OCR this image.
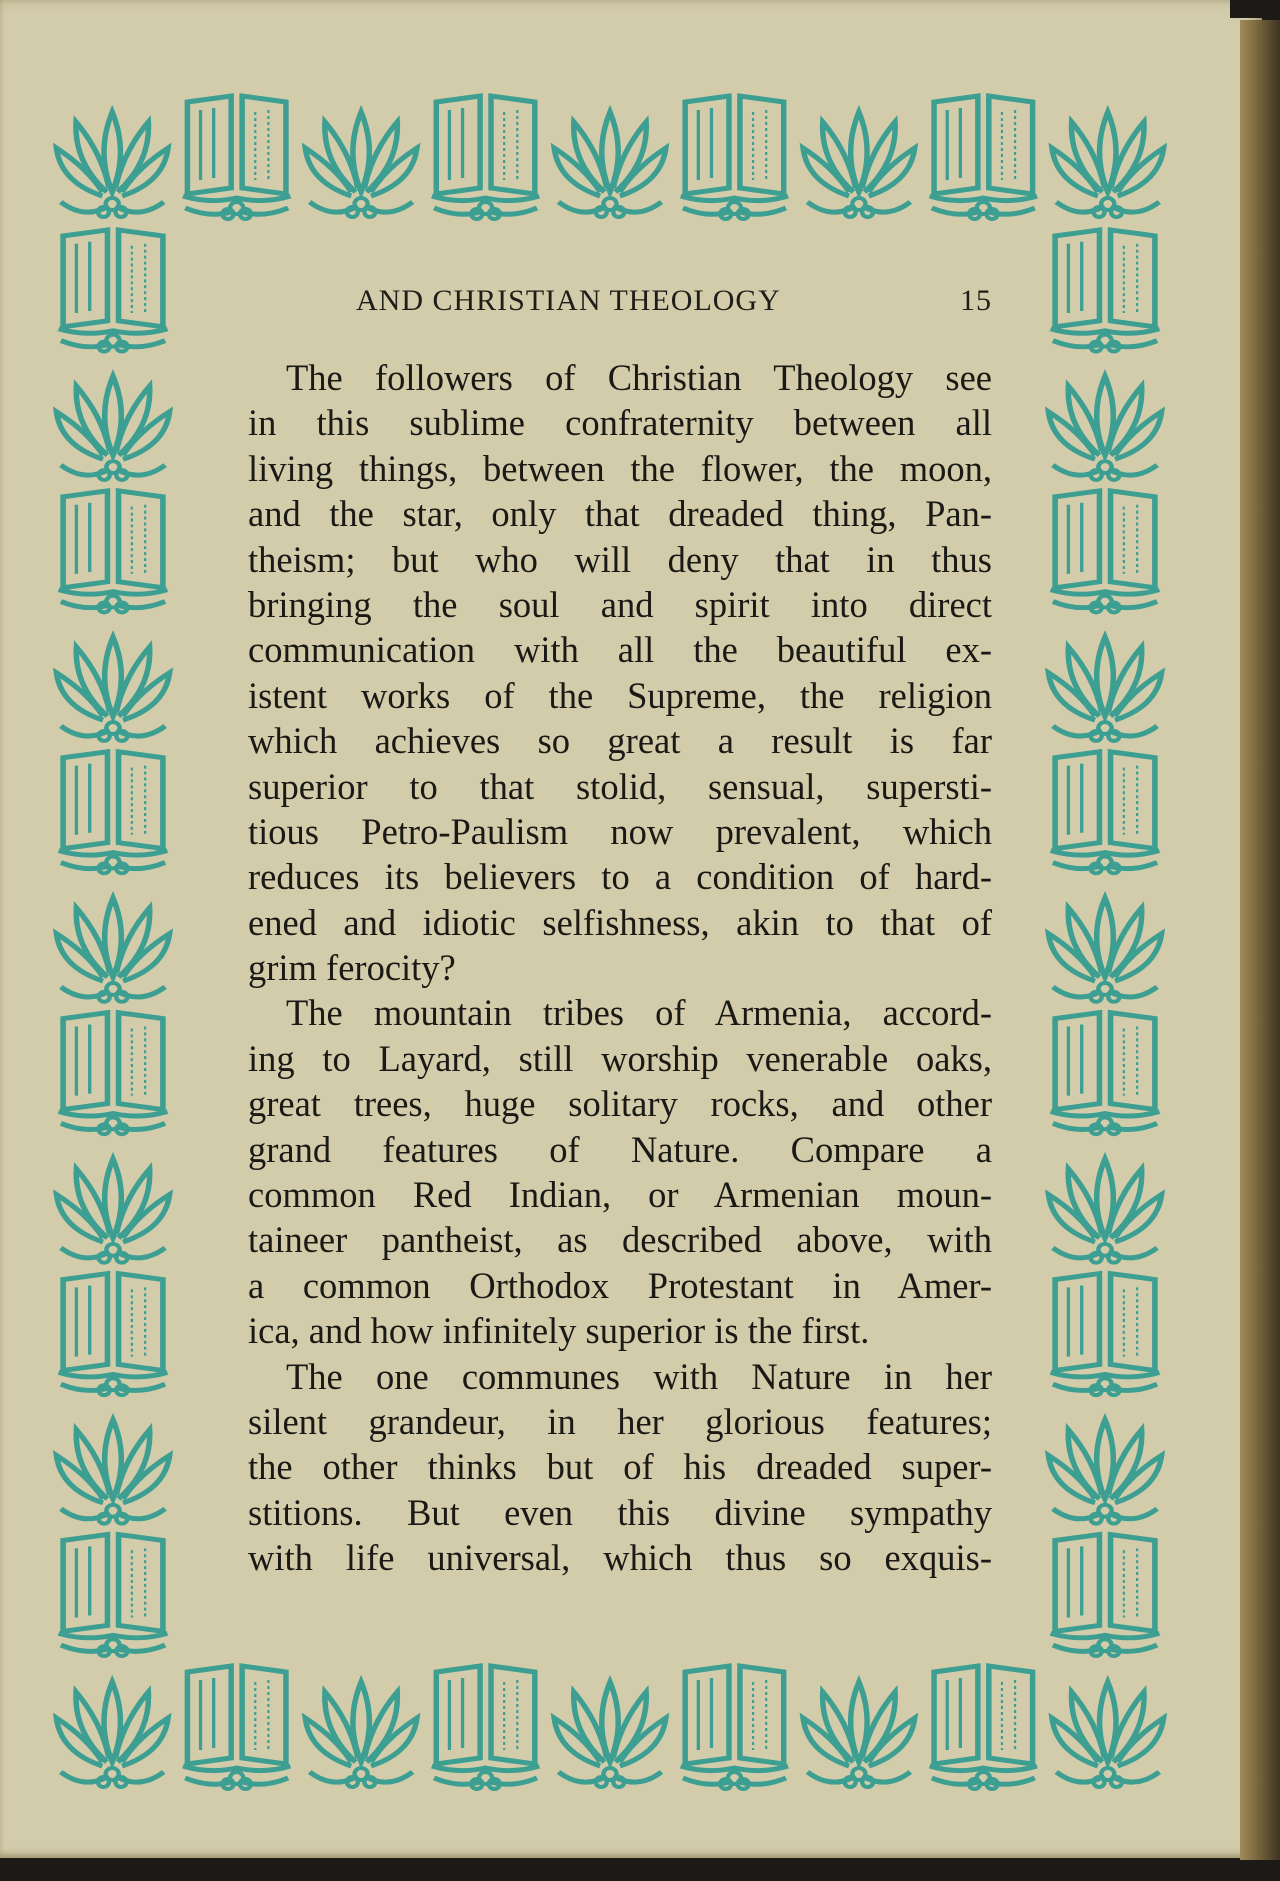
AND CHRISTIAN THEOLOGY	15
The followers of Christian Theology see
in this sublime confraternity between all
living things, between the flower, the moon,
and the star, only that dreaded thing, Pan-
theism; but who will deny that in thus
bringing the soul and spirit into direct
communication with all the beautiful ex-
istent works of the Supreme, the religion
which achieves so great a result is far
superior to that stolid, sensual, supersti-
tious Petro-Paulism now prevalent, which
reduces its believers to a condition of hard-
ened and idiotic selfishness, akin to that of
grim ferocity?
The mountain tribes of Armenia, accord-
ing to Layard, still worship venerable oaks,
great trees, huge solitary rocks, and other
grand features of Nature. Compare a
common Red Indian, or Armenian moun-
taineer pantheist, as described above, with
a common Orthodox Protestant in Amer-
ica, and how infinitely superior is the first.
The one communes with Nature in her
silent grandeur, in her glorious features;
the other thinks but of his dreaded super-
stitions. But even this divine sympathy
with life universal, which thus so exquis-
